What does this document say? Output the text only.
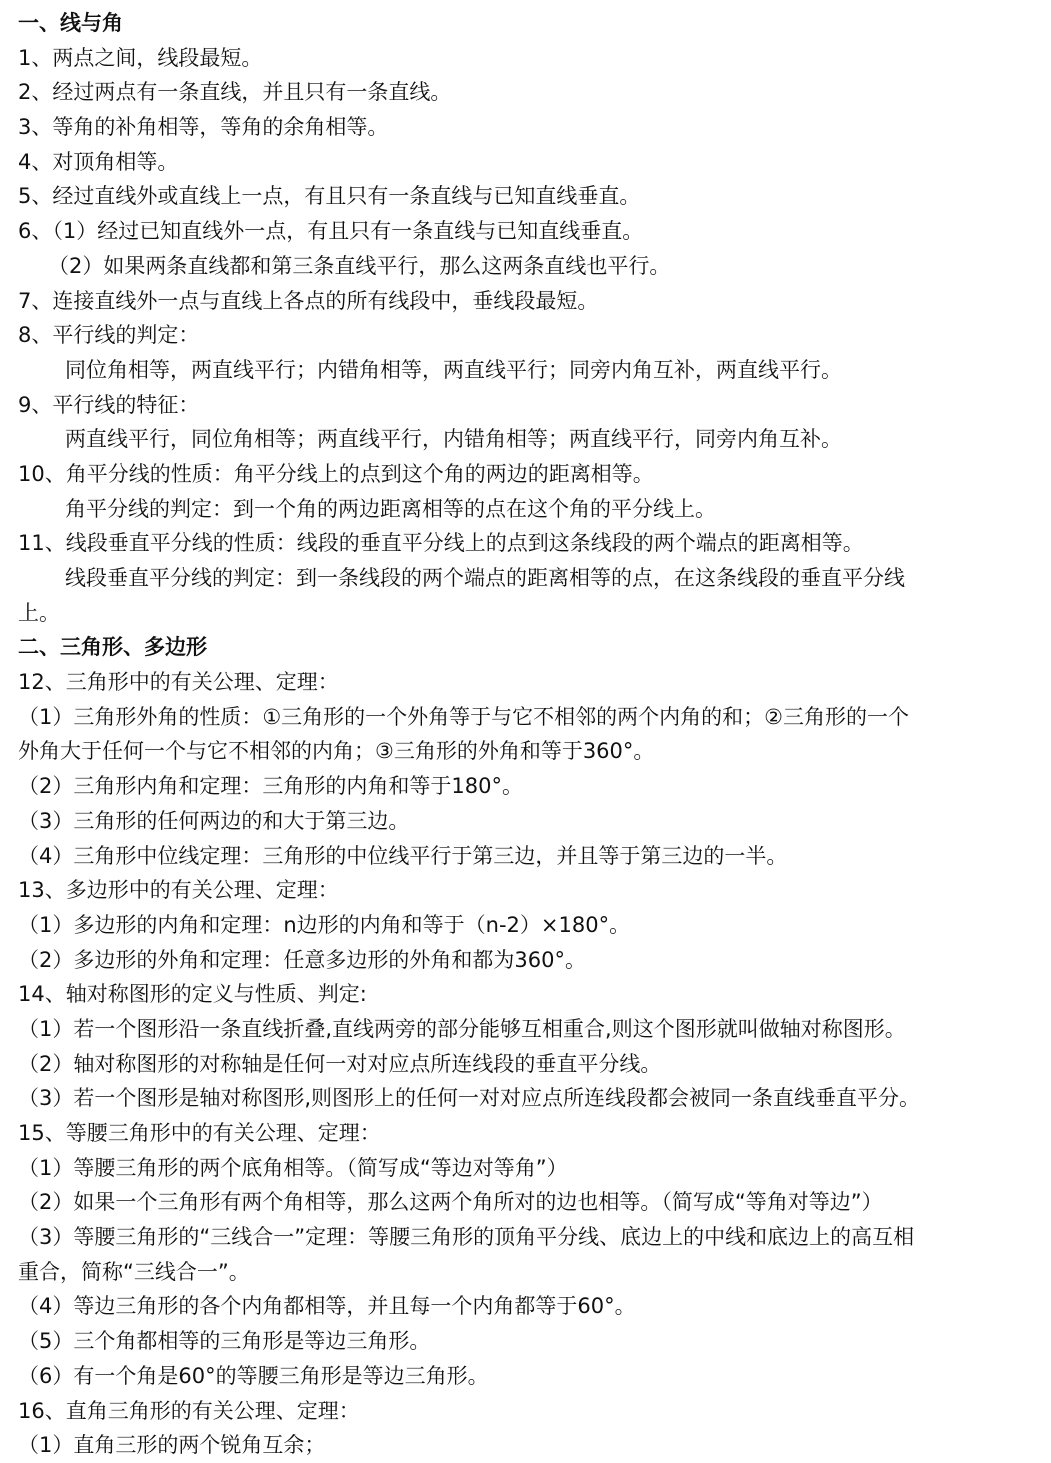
一、线与角
1、两点之间，线段最短。
2、经过两点有一条直线，并且只有一条直线。
3、等角的补角相等，等角的余角相等。
4、对顶角相等。
5、经过直线外或直线上一点，有且只有一条直线与已知直线垂直。
6、（1）经过已知直线外一点，有且只有一条直线与已知直线垂直。
（2）如果两条直线都和第三条直线平行，那么这两条直线也平行。
7、连接直线外一点与直线上各点的所有线段中，垂线段最短。
8、平行线的判定：
同位角相等，两直线平行；内错角相等，两直线平行；同旁内角互补，两直线平行。
9、平行线的特征：
两直线平行，同位角相等；两直线平行，内错角相等；两直线平行，同旁内角互补。
10、角平分线的性质：角平分线上的点到这个角的两边的距离相等。
角平分线的判定：到一个角的两边距离相等的点在这个角的平分线上。
11、线段垂直平分线的性质：线段的垂直平分线上的点到这条线段的两个端点的距离相等。
线段垂直平分线的判定：到一条线段的两个端点的距离相等的点，在这条线段的垂直平分线
上。
二、三角形、多边形
12、三角形中的有关公理、定理：
（1）三角形外角的性质：①三角形的一个外角等于与它不相邻的两个内角的和；②三角形的一个
外角大于任何一个与它不相邻的内角；③三角形的外角和等于360°。
（2）三角形内角和定理：三角形的内角和等于180°。
（3）三角形的任何两边的和大于第三边。
（4）三角形中位线定理：三角形的中位线平行于第三边，并且等于第三边的一半。
13、多边形中的有关公理、定理：
（1）多边形的内角和定理：n边形的内角和等于（n-2）×180°。
（2）多边形的外角和定理：任意多边形的外角和都为360°。
14、轴对称图形的定义与性质、判定:
（1）若一个图形沿一条直线折叠,直线两旁的部分能够互相重合,则这个图形就叫做轴对称图形。
（2）轴对称图形的对称轴是任何一对对应点所连线段的垂直平分线。
（3）若一个图形是轴对称图形,则图形上的任何一对对应点所连线段都会被同一条直线垂直平分。
15、等腰三角形中的有关公理、定理：
（1）等腰三角形的两个底角相等。（简写成“等边对等角”）
（2）如果一个三角形有两个角相等，那么这两个角所对的边也相等。（简写成“等角对等边”）
（3）等腰三角形的“三线合一”定理：等腰三角形的顶角平分线、底边上的中线和底边上的高互相
重合，简称“三线合一”。
（4）等边三角形的各个内角都相等，并且每一个内角都等于60°。
（5）三个角都相等的三角形是等边三角形。
（6）有一个角是60°的等腰三角形是等边三角形。
16、直角三角形的有关公理、定理：
（1）直角三形的两个锐角互余；
